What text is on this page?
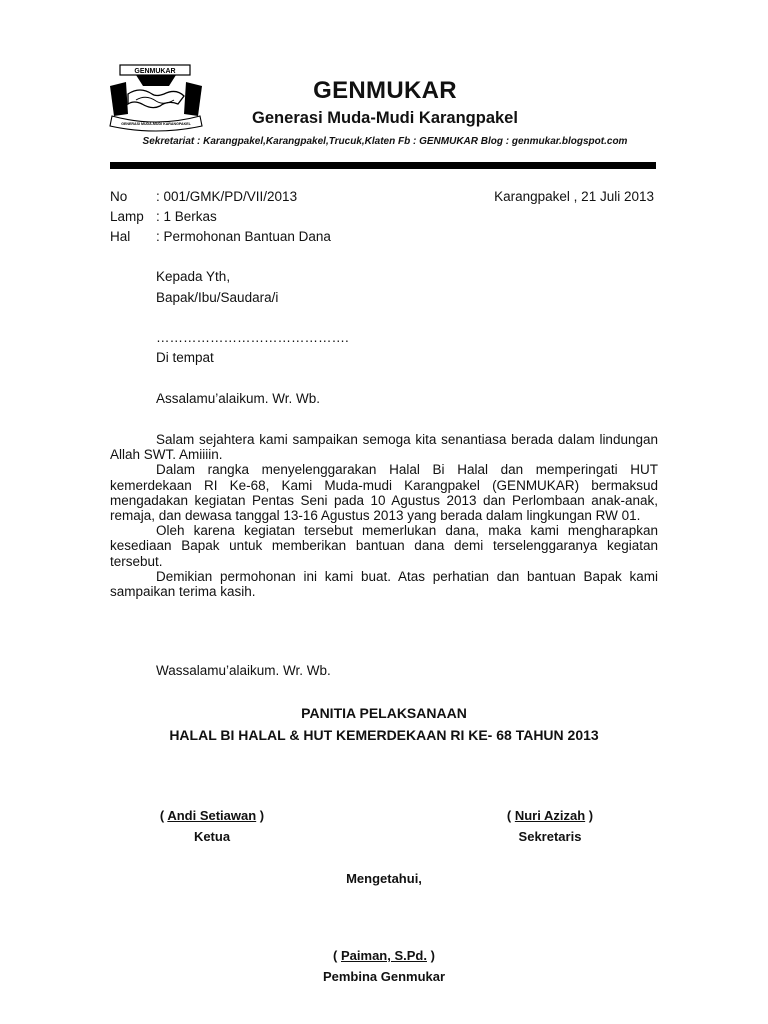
GENMUKAR
GENERASI MUDA-MUDI KARANGPAKEL
GENMUKAR
Generasi Muda-Mudi Karangpakel
Sekretariat : Karangpakel,Karangpakel,Trucuk,Klaten Fb : GENMUKAR Blog : genmukar.blogspot.com
No : 001/GMK/PD/VII/2013
Lamp : 1 Berkas
Hal : Permohonan Bantuan Dana
Karangpakel , 21 Juli 2013
Kepada Yth,
Bapak/Ibu/Saudara/i
…………………………………….
Di tempat
Assalamu’alaikum. Wr. Wb.

Salam sejahtera kami sampaikan semoga kita senantiasa berada dalam lindungan Allah SWT. Amiiiin.

Dalam rangka menyelenggarakan Halal Bi Halal dan memperingati HUT kemerdekaan RI Ke-68, Kami Muda-mudi Karangpakel (GENMUKAR) bermaksud mengadakan kegiatan Pentas Seni pada 10 Agustus 2013 dan Perlombaan anak-anak, remaja, dan dewasa tanggal 13-16 Agustus 2013 yang berada dalam lingkungan RW 01.

Oleh karena kegiatan tersebut memerlukan dana, maka kami mengharapkan kesediaan Bapak untuk memberikan bantuan dana demi terselenggaranya kegiatan tersebut.

Demikian permohonan ini kami buat. Atas perhatian dan bantuan Bapak kami sampaikan terima kasih.

Wassalamu’alaikum. Wr. Wb.
PANITIA PELAKSANAAN
HALAL BI HALAL & HUT KEMERDEKAAN RI KE- 68 TAHUN 2013
( Andi Setiawan )
Ketua
( Nuri Azizah )
Sekretaris
Mengetahui,
( Paiman, S.Pd. )
Pembina Genmukar
